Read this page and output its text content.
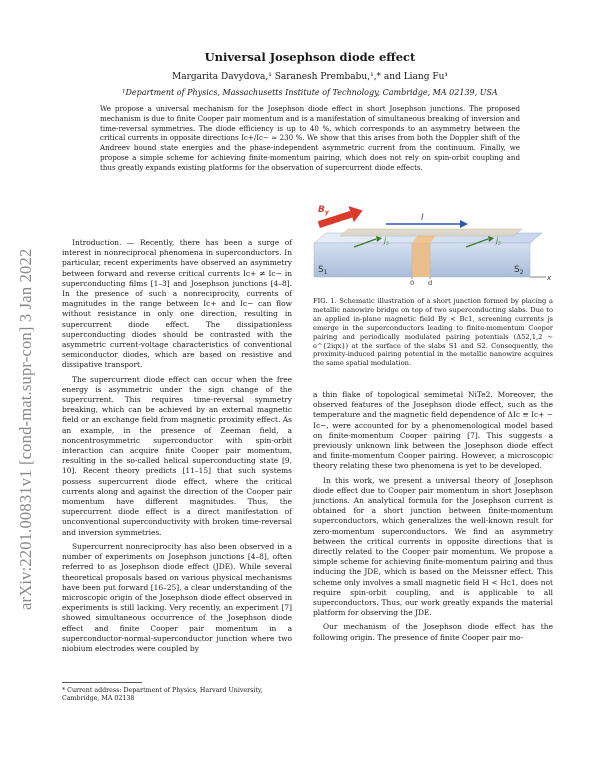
arXiv:2201.00831v1 [cond-mat.supr-con] 3 Jan 2022
Universal Josephson diode effect
Margarita Davydova,¹ Saranesh Prembabu,¹,* and Liang Fu¹
¹Department of Physics, Massachusetts Institute of Technology, Cambridge, MA 02139, USA
We propose a universal mechanism for the Josephson diode effect in short Josephson junctions. The proposed mechanism is due to finite Cooper pair momentum and is a manifestation of simultaneous breaking of inversion and time-reversal symmetries. The diode efficiency is up to 40 %, which corresponds to an asymmetry between the critical currents in opposite directions Ic+/Ic− ≈ 230 %. We show that this arises from both the Doppler shift of the Andreev bound state energies and the phase-independent asymmetric current from the continuum. Finally, we propose a simple scheme for achieving finite-momentum pairing, which does not rely on spin-orbit coupling and thus greatly expands existing platforms for the observation of supercurrent diode effects.

Introduction. — Recently, there has been a surge of interest in nonreciprocal phenomena in superconductors. In particular, recent experiments have observed an asymmetry between forward and reverse critical currents Ic+ ≠ Ic− in superconducting films [1–3] and Josephson junctions [4–8]. In the presence of such a nonreciprocity, currents of magnitudes in the range between Ic+ and Ic− can flow without resistance in only one direction, resulting in supercurrent diode effect. The dissipationless superconducting diodes should be contrasted with the asymmetric current-voltage characteristics of conventional semiconductor diodes, which are based on resistive and dissipative transport.

The supercurrent diode effect can occur when the free energy is asymmetric under the sign change of the supercurrent. This requires time-reversal symmetry breaking, which can be achieved by an external magnetic field or an exchange field from magnetic proximity effect. As an example, in the presence of Zeeman field, a noncentrosymmetric superconductor with spin-orbit interaction can acquire finite Cooper pair momentum, resulting in the so-called helical superconducting state [9, 10]. Recent theory predicts [11–15] that such systems possess supercurrent diode effect, where the critical currents along and against the direction of the Cooper pair momentum have different magnitudes. Thus, the supercurrent diode effect is a direct manifestation of unconventional superconductivity with broken time-reversal and inversion symmetries.

Supercurrent nonreciprocity has also been observed in a number of experiments on Josephson junctions [4–8], often referred to as Josephson diode effect (JDE). While several theoretical proposals based on various physical mechanisms have been put forward [16–25], a clear understanding of the microscopic origin of the Josephson diode effect observed in experiments is still lacking. Very recently, an experiment [7] showed simultaneous occurrence of the Josephson diode effect and finite Cooper pair momentum in a superconductor-normal-superconductor junction where two niobium electrodes were coupled by

* Current address: Department of Physics, Harvard University, Cambridge, MA 02138
$B_y$
I
$j_s$	$j_s$
$S_1$	$S_2$
0 d
x
FIG. 1. Schematic illustration of a short junction formed by placing a metallic nanowire bridge on top of two superconducting slabs. Due to an applied in-plane magnetic field By < Bc1, screening currents js emerge in the superconductors leading to finite-momentum Cooper pairing and periodically modulated pairing potentials (Δ52,1,2 ∼ e^{2iqx}) at the surface of the slabs S1 and S2. Consequently, the proximity-induced pairing potential in the metallic nanowire acquires the same spatial modulation.

a thin flake of topological semimetal NiTe2. Moreover, the observed features of the Josephson diode effect, such as the temperature and the magnetic field dependence of ΔIc ≡ Ic+ − Ic−, were accounted for by a phenomenological model based on finite-momentum Cooper pairing [7]. This suggests a previously unknown link between the Josephson diode effect and finite-momentum Cooper pairing. However, a microscopic theory relating these two phenomena is yet to be developed.

In this work, we present a universal theory of Josephson diode effect due to Cooper pair momentum in short Josephson junctions. An analytical formula for the Josephson current is obtained for a short junction between finite-momentum superconductors, which generalizes the well-known result for zero-momentum superconductors. We find an asymmetry between the critical currents in opposite directions that is directly related to the Cooper pair momentum. We propose a simple scheme for achieving finite-momentum pairing and thus inducing the JDE, which is based on the Meissner effect. This scheme only involves a small magnetic field H < Hc1, does not require spin-orbit coupling, and is applicable to all superconductors. Thus, our work greatly expands the material platform for observing the JDE.

Our mechanism of the Josephson diode effect has the following origin. The presence of finite Cooper pair mo-
